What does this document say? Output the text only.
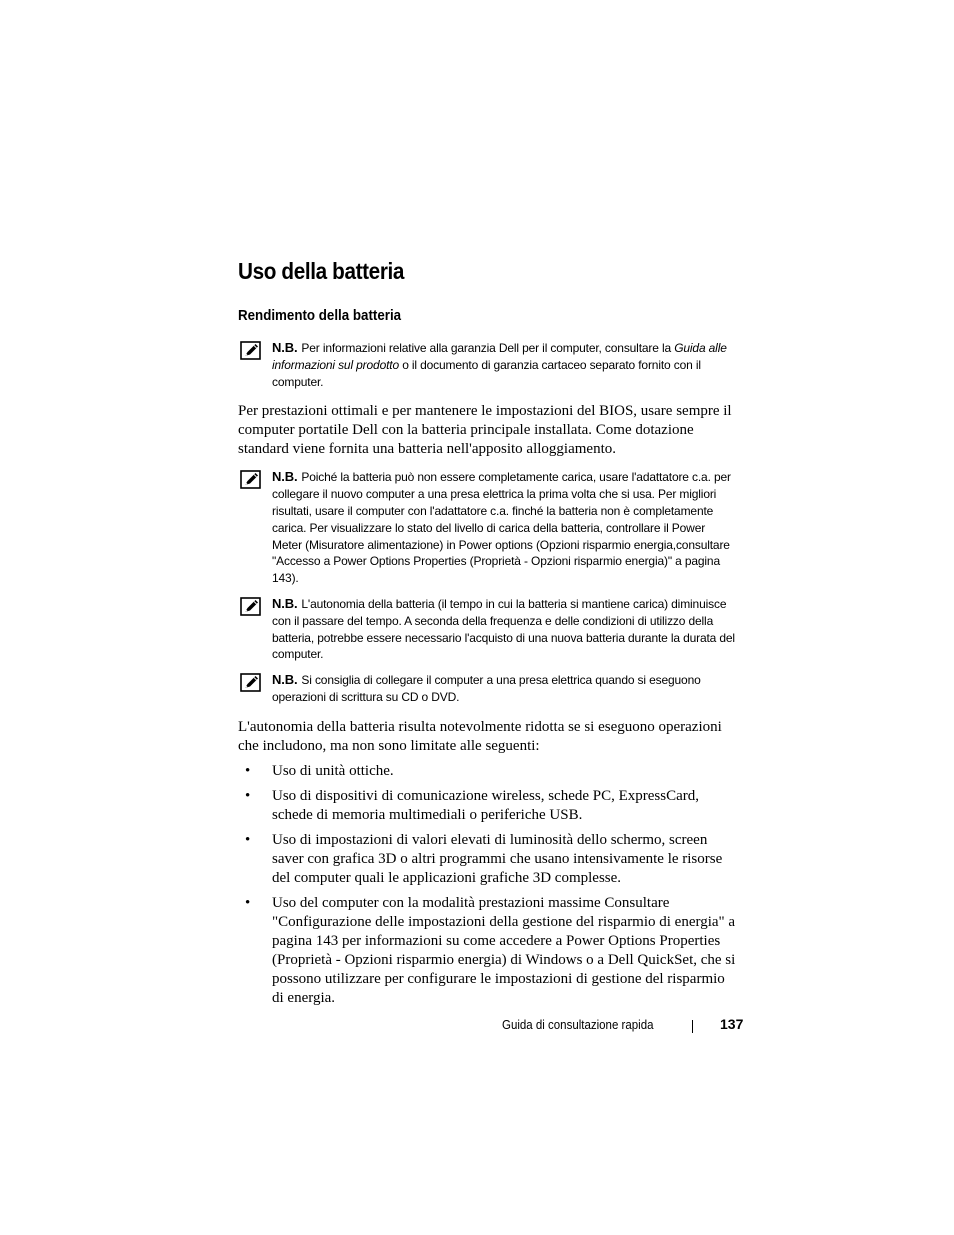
Uso della batteria
Rendimento della batteria
N.B. Per informazioni relative alla garanzia Dell per il computer, consultare la Guida alle informazioni sul prodotto o il documento di garanzia cartaceo separato fornito con il computer.

Per prestazioni ottimali e per mantenere le impostazioni del BIOS, usare sempre il computer portatile Dell con la batteria principale installata. Come dotazione standard viene fornita una batteria nell'apposito alloggiamento.

N.B. Poiché la batteria può non essere completamente carica, usare l'adattatore c.a. per collegare il nuovo computer a una presa elettrica la prima volta che si usa. Per migliori risultati, usare il computer con l'adattatore c.a. finché la batteria non è completamente carica. Per visualizzare lo stato del livello di carica della batteria, controllare il Power Meter (Misuratore alimentazione) in Power options (Opzioni risparmio energia,consultare "Accesso a Power Options Properties (Proprietà - Opzioni risparmio energia)" a pagina 143).
N.B. L'autonomia della batteria (il tempo in cui la batteria si mantiene carica) diminuisce con il passare del tempo. A seconda della frequenza e delle condizioni di utilizzo della batteria, potrebbe essere necessario l'acquisto di una nuova batteria durante la durata del computer.
N.B. Si consiglia di collegare il computer a una presa elettrica quando si eseguono operazioni di scrittura su CD o DVD.

L'autonomia della batteria risulta notevolmente ridotta se si eseguono operazioni che includono, ma non sono limitate alle seguenti:

• Uso di unità ottiche.
• Uso di dispositivi di comunicazione wireless, schede PC, ExpressCard, schede di memoria multimediali o periferiche USB.
• Uso di impostazioni di valori elevati di luminosità dello schermo, screen saver con grafica 3D o altri programmi che usano intensivamente le risorse del computer quali le applicazioni grafiche 3D complesse.
• Uso del computer con la modalità prestazioni massime Consultare "Configurazione delle impostazioni della gestione del risparmio di energia" a pagina 143 per informazioni su come accedere a Power Options Properties (Proprietà - Opzioni risparmio energia) di Windows o a Dell QuickSet, che si possono utilizzare per configurare le impostazioni di gestione del risparmio di energia.
Guida di consultazione rapida	137
